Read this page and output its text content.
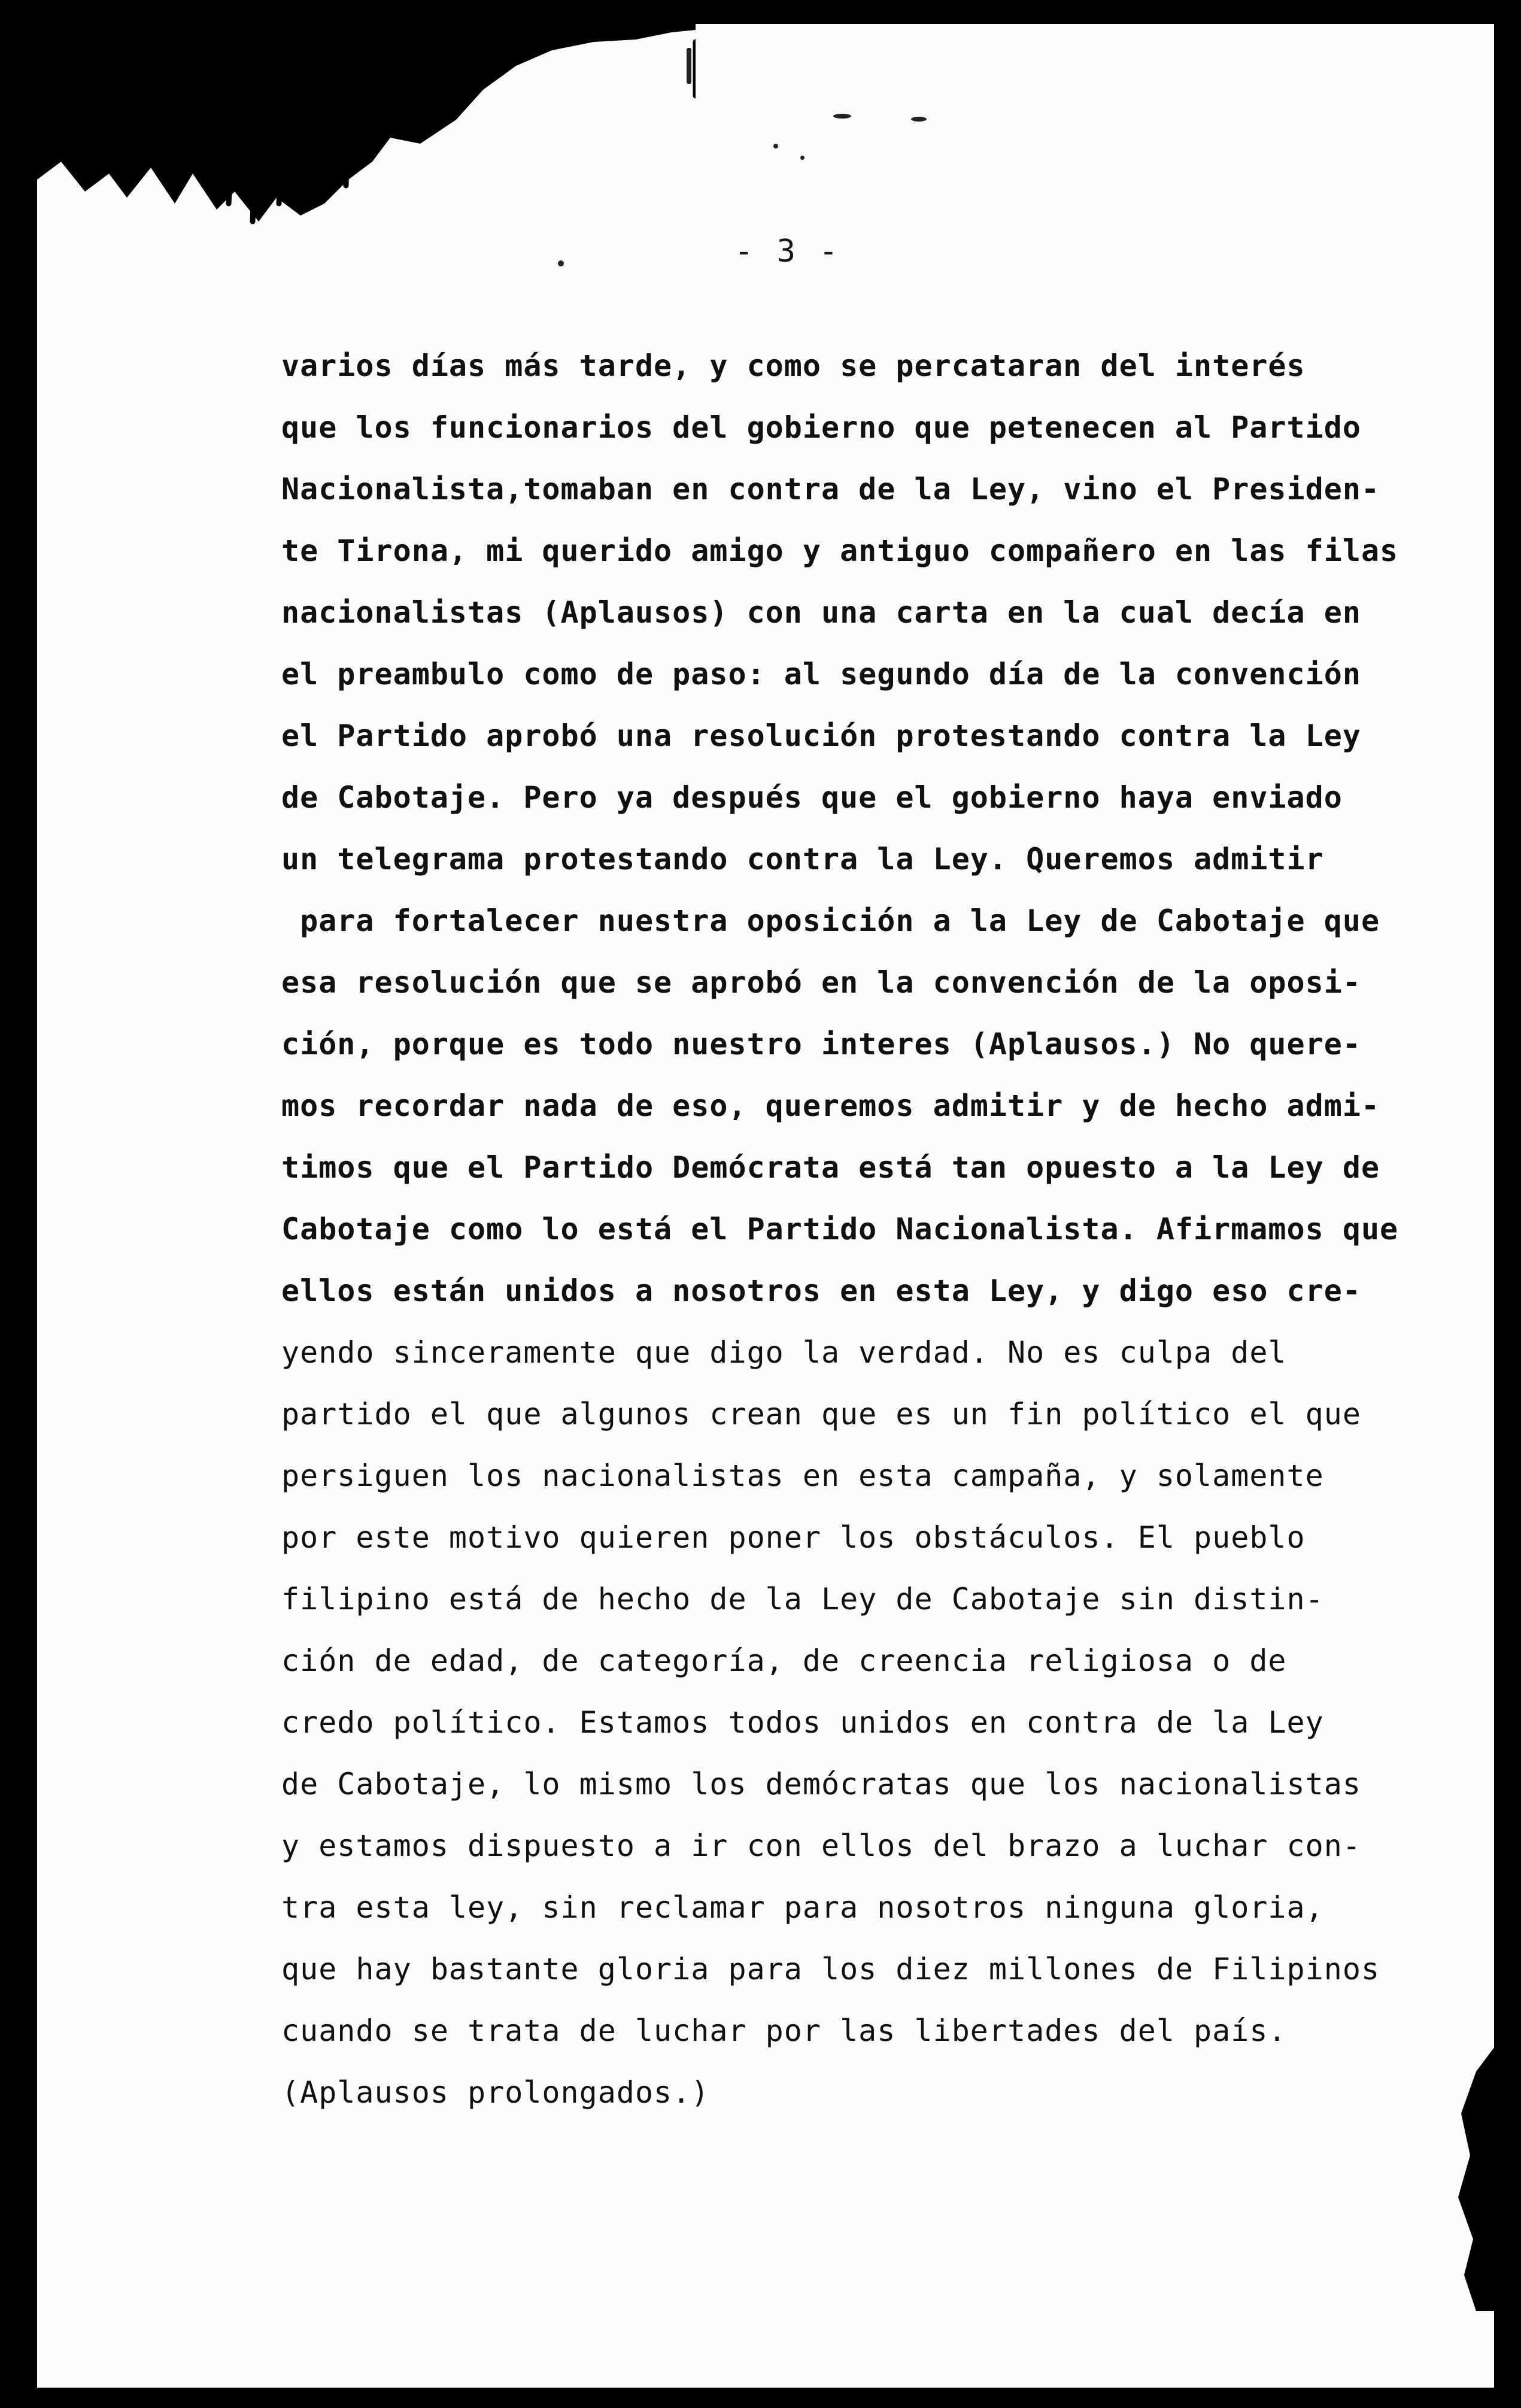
- 3 -
varios días más tarde, y como se percataran del interés
que los funcionarios del gobierno que petenecen al Partido
Nacionalista,tomaban en contra de la Ley, vino el Presiden-
te Tirona, mi querido amigo y antiguo compañero en las filas
nacionalistas (Aplausos) con una carta en la cual decía en
el preambulo como de paso: al segundo día de la convención
el Partido aprobó una resolución protestando contra la Ley
de Cabotaje. Pero ya después que el gobierno haya enviado
un telegrama protestando contra la Ley. Queremos admitir
para fortalecer nuestra oposición a la Ley de Cabotaje que
esa resolución que se aprobó en la convención de la oposi-
ción, porque es todo nuestro interes (Aplausos.) No quere-
mos recordar nada de eso, queremos admitir y de hecho admi-
timos que el Partido Demócrata está tan opuesto a la Ley de
Cabotaje como lo está el Partido Nacionalista. Afirmamos que
ellos están unidos a nosotros en esta Ley, y digo eso cre-
yendo sinceramente que digo la verdad. No es culpa del
partido el que algunos crean que es un fin político el que
persiguen los nacionalistas en esta campaña, y solamente
por este motivo quieren poner los obstáculos. El pueblo
filipino está de hecho de la Ley de Cabotaje sin distin-
ción de edad, de categoría, de creencia religiosa o de
credo político. Estamos todos unidos en contra de la Ley
de Cabotaje, lo mismo los demócratas que los nacionalistas
y estamos dispuesto a ir con ellos del brazo a luchar con-
tra esta ley, sin reclamar para nosotros ninguna gloria,
que hay bastante gloria para los diez millones de Filipinos
cuando se trata de luchar por las libertades del país.
(Aplausos prolongados.)
